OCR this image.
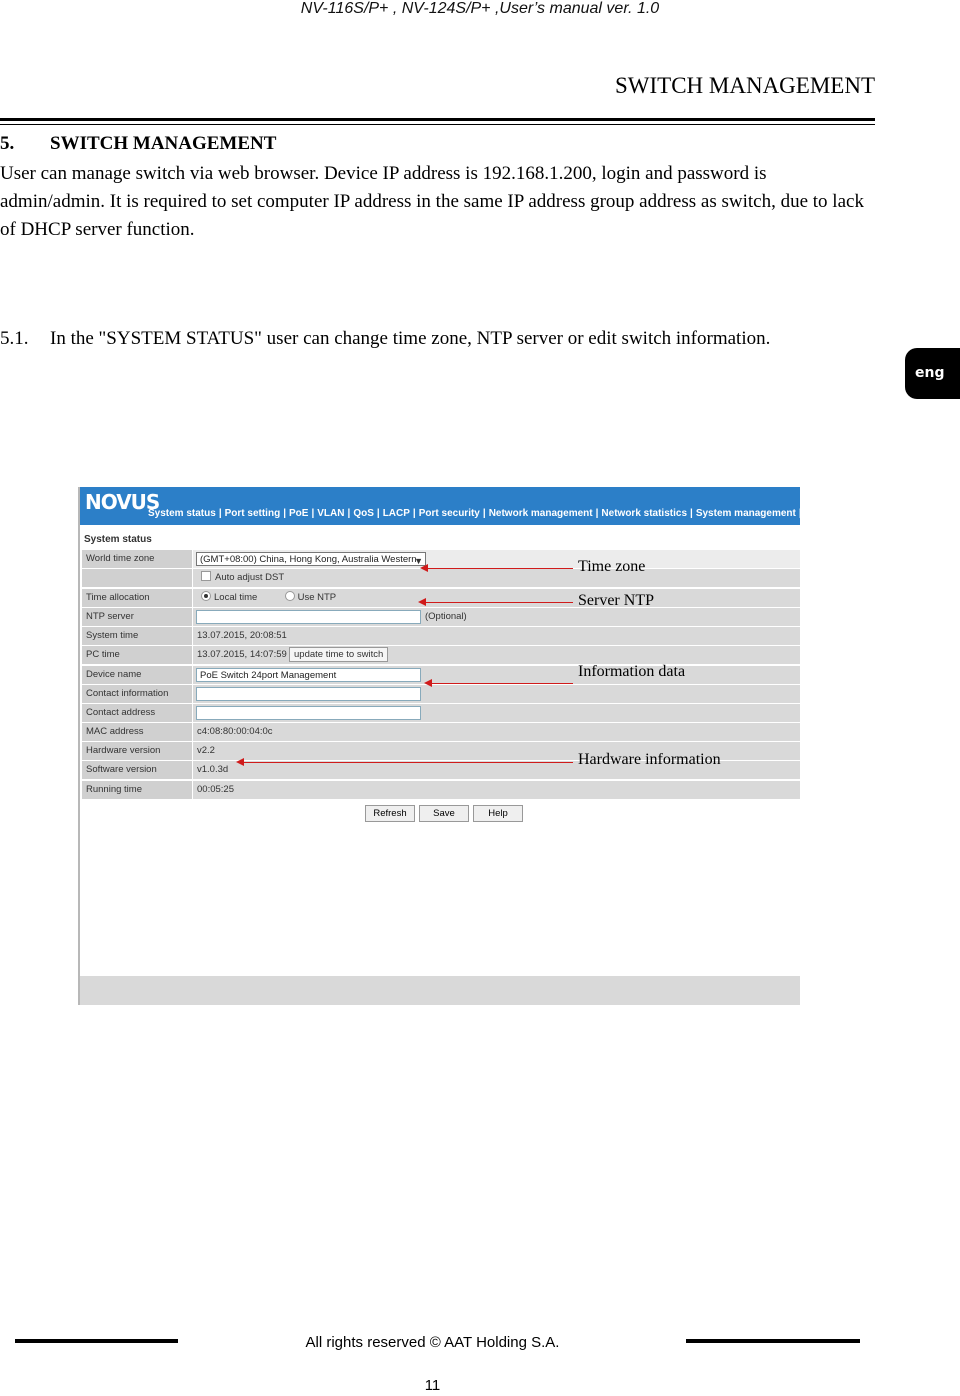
NV-116S/P+ , NV-124S/P+ ,User’s manual ver. 1.0
SWITCH MANAGEMENT
5. SWITCH MANAGEMENT
User can manage switch via web browser. Device IP address is 192.168.1.200, login and password is admin/admin. It is required to set computer IP address in the same IP address group address as switch, due to lack of DHCP server function.
5.1. In the "SYSTEM STATUS" user can change time zone, NTP server or edit switch information.
eng
NOVUS
System status | Port setting | PoE | VLAN | QoS | LACP | Port security | Network management | Network statistics | System management | Exit
System status
World time zone	(GMT+08:00) China, Hong Kong, Australia Western
▼
Auto adjust DST
Time allocation	Local time	Use NTP
NTP server	(Optional)
System time	13.07.2015, 20:08:51
PC time	13.07.2015, 14:07:59 update time to switch
Device name	PoE Switch 24port Management
Contact information
Contact address
MAC address	c4:08:80:00:04:0c
Hardware version	v2.2
Software version	v1.0.3d
Running time	00:05:25
Refresh	Save	Help
Time zone
Server NTP
Information data
Hardware information
All rights reserved © AAT Holding S.A.
11
